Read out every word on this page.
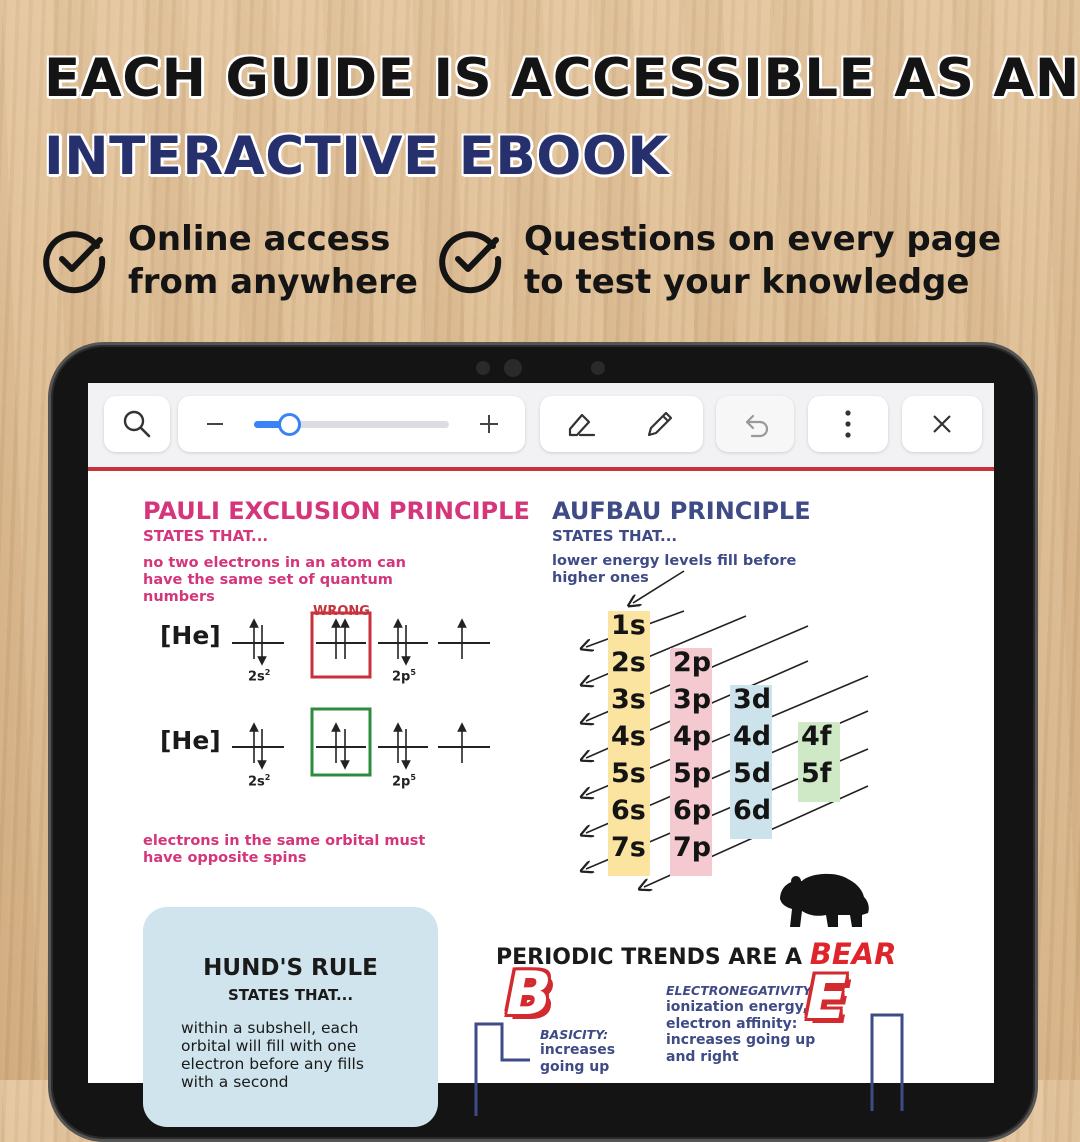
EACH GUIDE IS ACCESSIBLE AS AN
INTERACTIVE EBOOK
Online access
from anywhere
Questions on every page
to test your knowledge
PAULI EXCLUSION PRINCIPLE
STATES THAT...
no two electrons in an atom can have the same set of quantum numbers
WRONG
[He]
[He]
$2s^2$	$2p^5$
$2s^2$	$2p^5$
electrons in the same orbital must have opposite spins
AUFBAU PRINCIPLE
STATES THAT...
lower energy levels fill before higher ones
1s
2s
3s
4s
5s
6s
7s
2p
3p
4p
5p
6p
7p
3d
4d
5d
6d
4f
5f
HUND'S RULE
STATES THAT...
within a subshell, each orbital will fill with one electron before any fills with a second
PERIODIC TRENDS ARE A BEAR
B
BASICITY:
increases going up
ELECTRONEGATIVITY,
ionization energy, electron affinity: increases going up and right
E
